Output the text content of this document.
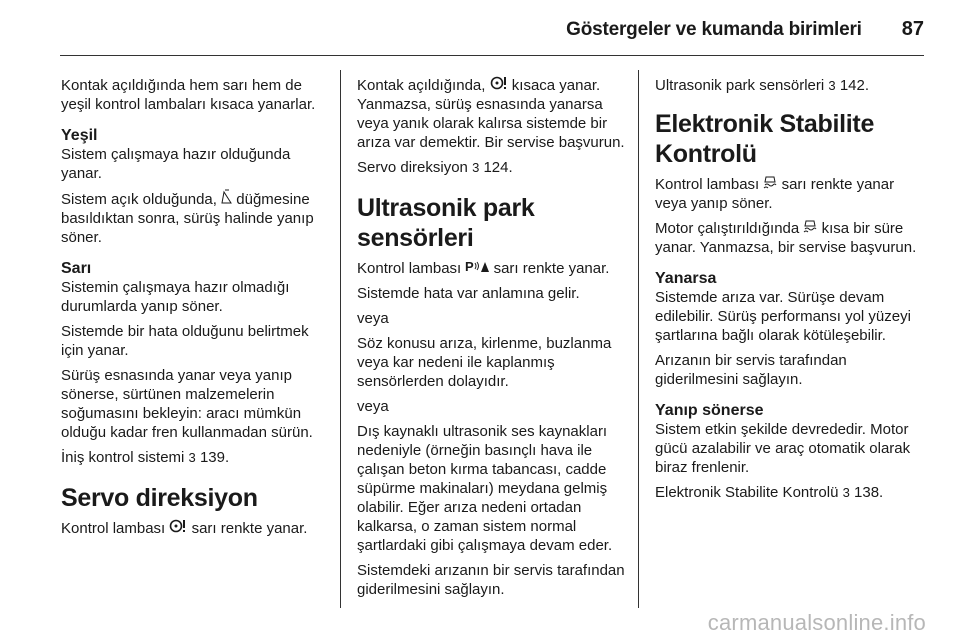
Göstergeler ve kumanda birimleri 87

Kontak açıldığında hem sarı hem de yeşil kontrol lambaları kısaca yanarlar.

Yeşil

Sistem çalışmaya hazır olduğunda yanar.

Sistem açık olduğunda, düğmesine basıldıktan sonra, sürüş halinde yanıp söner.

Sarı

Sistemin çalışmaya hazır olmadığı durumlarda yanıp söner.

Sistemde bir hata olduğunu belirtmek için yanar.

Sürüş esnasında yanar veya yanıp sönerse, sürtünen malzemelerin soğumasını bekleyin: aracı mümkün olduğu kadar fren kullanmadan sürün.

İniş kontrol sistemi 3 139.

Servo direksiyon

Kontrol lambası sarı renkte yanar.

Kontak açıldığında, kısaca yanar. Yanmazsa, sürüş esnasında yanarsa veya yanık olarak kalırsa sistemde bir arıza var demektir. Bir servise başvurun.

Servo direksiyon 3 124.

Ultrasonik park sensörleri

Kontrol lambası P sarı renkte yanar.

Sistemde hata var anlamına gelir.

veya

Söz konusu arıza, kirlenme, buzlanma veya kar nedeni ile kaplanmış sensörlerden dolayıdır.

veya

Dış kaynaklı ultrasonik ses kaynakları nedeniyle (örneğin basınçlı hava ile çalışan beton kırma tabancası, cadde süpürme makinaları) meydana gelmiş olabilir. Eğer arıza nedeni ortadan kalkarsa, o zaman sistem normal şartlardaki gibi çalışmaya devam eder.

Sistemdeki arızanın bir servis tarafından giderilmesini sağlayın.

Ultrasonik park sensörleri 3 142.

Elektronik Stabilite Kontrolü

Kontrol lambası sarı renkte yanar veya yanıp söner.

Motor çalıştırıldığında kısa bir süre yanar. Yanmazsa, bir servise başvurun.

Yanarsa

Sistemde arıza var. Sürüşe devam edilebilir. Sürüş performansı yol yüzeyi şartlarına bağlı olarak kötüleşebilir.

Arızanın bir servis tarafından giderilmesini sağlayın.

Yanıp sönerse

Sistem etkin şekilde devrededir. Motor gücü azalabilir ve araç otomatik olarak biraz frenlenir.

Elektronik Stabilite Kontrolü 3 138.

carmanualsonline.info
